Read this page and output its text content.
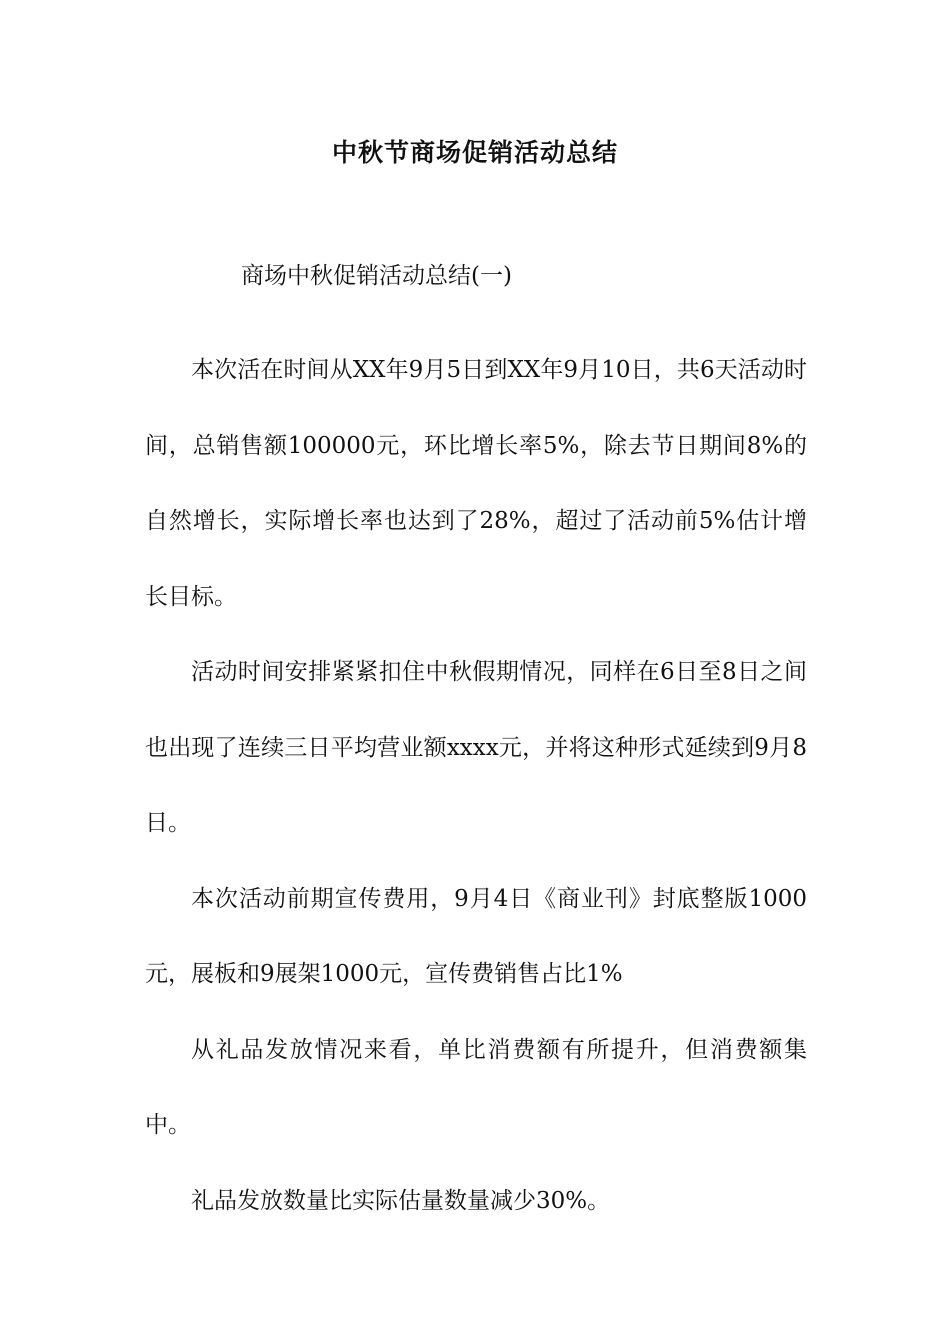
中秋节商场促销活动总结
商场中秋促销活动总结(一)

本次活在时间从XX年9月5日到XX年9月10日，共6天活动时间，总销售额100000元，环比增长率5%，除去节日期间8%的自然增长，实际增长率也达到了28%，超过了活动前5%估计增长目标。

活动时间安排紧紧扣住中秋假期情况，同样在6日至8日之间也出现了连续三日平均营业额xxxx元，并将这种形式延续到9月8日。

本次活动前期宣传费用，9月4日《商业刊》封底整版1000元，展板和9展架1000元，宣传费销售占比1%

从礼品发放情况来看，单比消费额有所提升，但消费额集中。

礼品发放数量比实际估量数量减少30%。
